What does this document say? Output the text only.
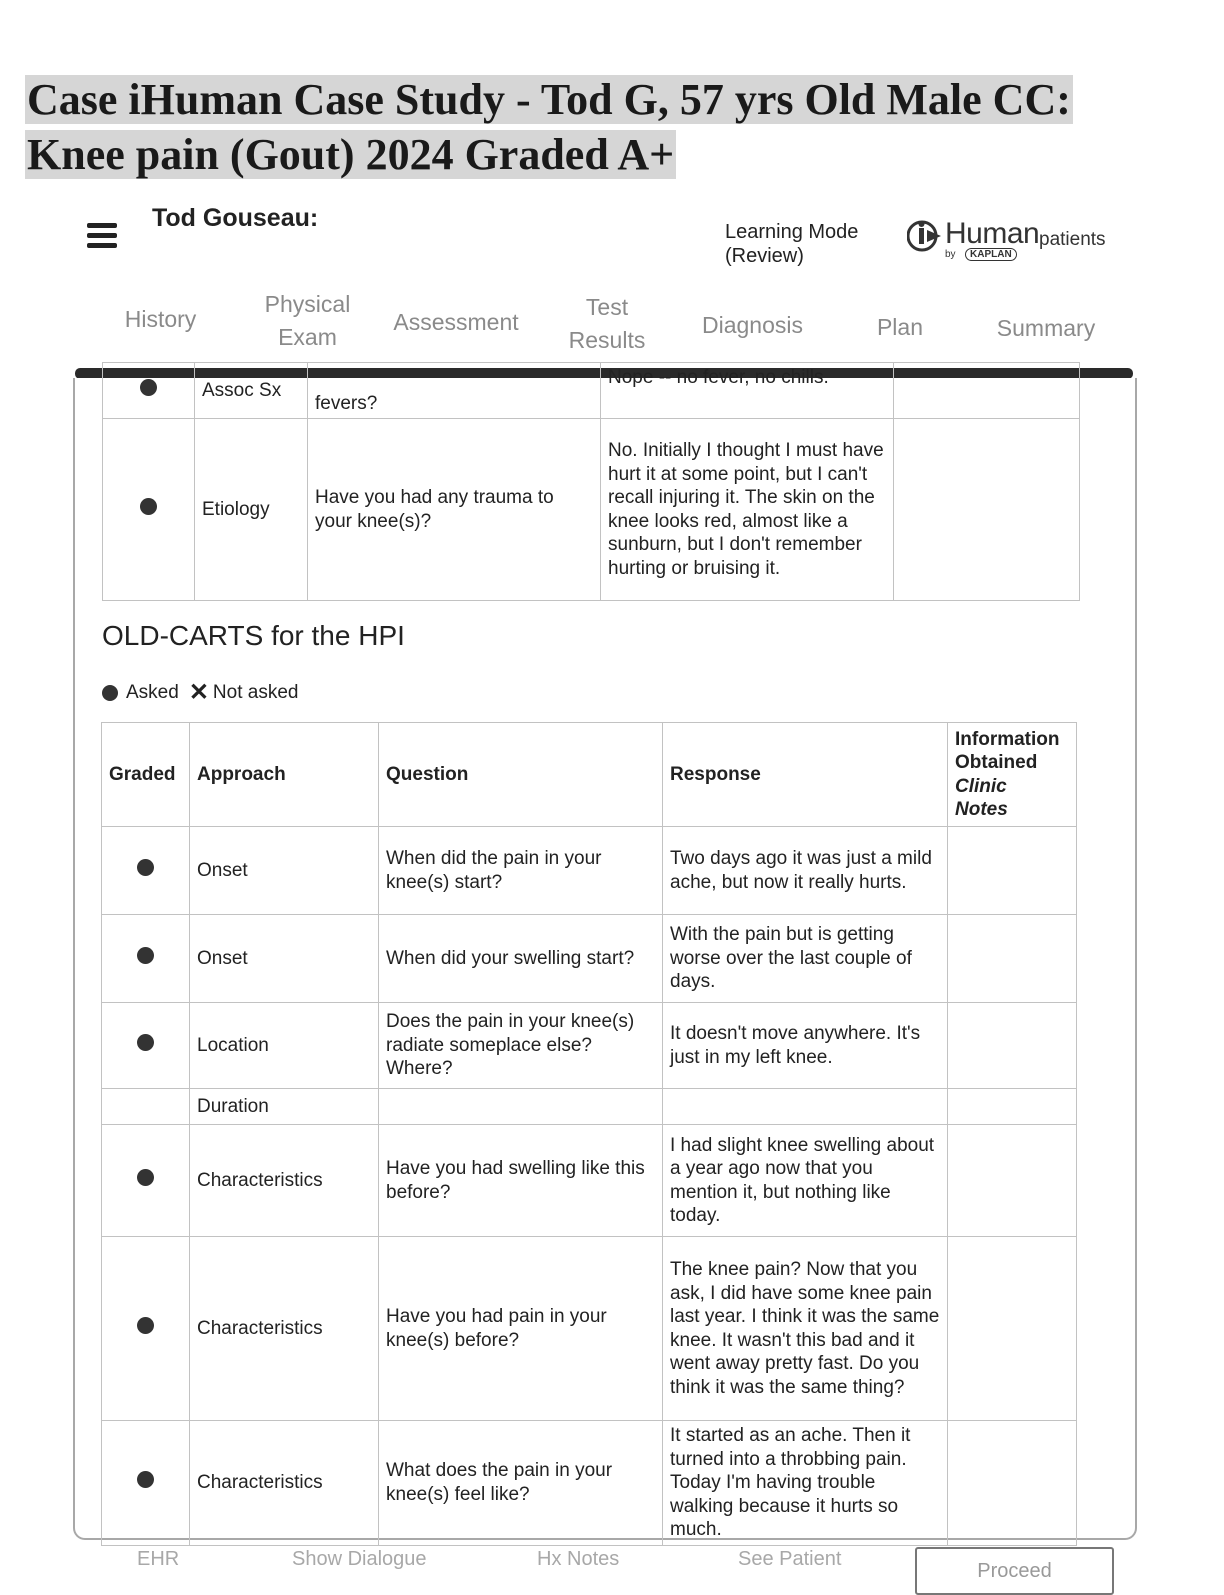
Case iHuman Case Study - Tod G, 57 yrs Old Male CC:
Knee pain (Gout) 2024 Graded A+
Tod Gouseau:	Learning Mode
(Review)
Human patients
by	KAPLAN
History
Physical
Exam
Assessment
Test
Results
Diagnosis	Plan	Summary
	Assoc Sx	fevers?	Nope -- no fever, no chills.	
	Etiology	Have you had any trauma to your knee(s)?	No. Initially I thought I must have hurt it at some point, but I can't recall injuring it. The skin on the knee looks red, almost like a sunburn, but I don't remember hurting or bruising it.	
OLD-CARTS for the HPI
Asked ✕ Not asked
Graded	Approach	Question	Response	Information
Obtained
Clinic
Notes

	Onset	When did the pain in your knee(s) start?	Two days ago it was just a mild ache, but now it really hurts.	
	Onset	When did your swelling start?	With the pain but is getting worse over the last couple of days.	
	Location	Does the pain in your knee(s) radiate someplace else? Where?	It doesn't move anywhere. It's just in my left knee.	
	Duration			
	Characteristics	Have you had swelling like this before?	I had slight knee swelling about a year ago now that you mention it, but nothing like today.	
	Characteristics	Have you had pain in your knee(s) before?	The knee pain? Now that you ask, I did have some knee pain last year. I think it was the same knee. It wasn't this bad and it went away pretty fast. Do you think it was the same thing?	
	Characteristics	What does the pain in your knee(s) feel like?	It started as an ache. Then it turned into a throbbing pain. Today I'm having trouble walking because it hurts so much.	
EHR	Show Dialogue	Hx Notes	See Patient
Proceed
